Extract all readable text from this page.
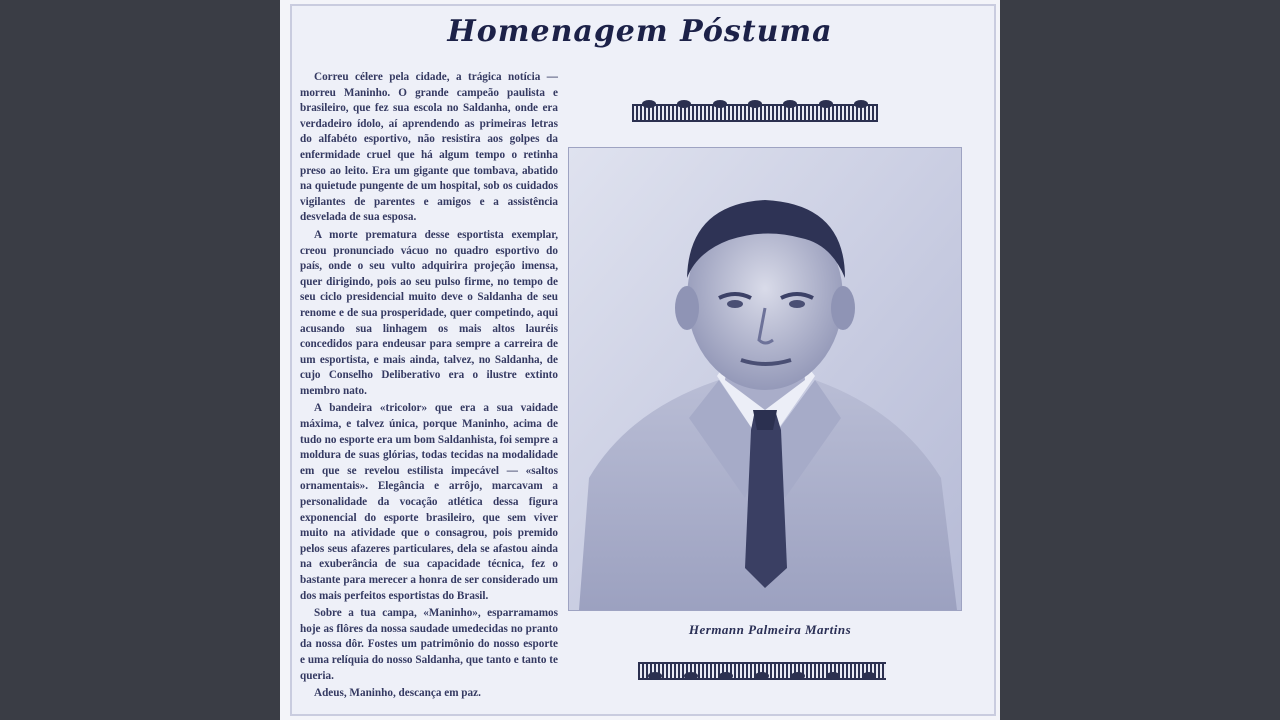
Homenagem Póstuma

Correu célere pela cidade, a trágica notícia — morreu Maninho. O grande campeão paulista e brasileiro, que fez sua escola no Saldanha, onde era verdadeiro ídolo, aí aprendendo as primeiras letras do alfabéto esportivo, não resistira aos golpes da enfermidade cruel que há algum tempo o retinha preso ao leito. Era um gigante que tombava, abatido na quietude pungente de um hospital, sob os cuidados vigilantes de parentes e amigos e a assistência desvelada de sua esposa.

A morte prematura desse esportista exemplar, creou pronunciado vácuo no quadro esportivo do país, onde o seu vulto adquirira projeção imensa, quer dirigindo, pois ao seu pulso firme, no tempo de seu ciclo presidencial muito deve o Saldanha de seu renome e de sua prosperidade, quer competindo, aqui acusando sua linhagem os mais altos lauréis concedidos para endeusar para sempre a carreira de um esportista, e mais ainda, talvez, no Saldanha, de cujo Conselho Deliberativo era o ilustre extinto membro nato.

A bandeira «tricolor» que era a sua vaidade máxima, e talvez única, porque Maninho, acima de tudo no esporte era um bom Saldanhista, foi sempre a moldura de suas glórias, todas tecidas na modalidade em que se revelou estilista impecável — «saltos ornamentais». Elegância e arrôjo, marcavam a personalidade da vocação atlética dessa figura exponencial do esporte brasileiro, que sem viver muito na atividade que o consagrou, pois premido pelos seus afazeres particulares, dela se afastou ainda na exuberância de sua capacidade técnica, fez o bastante para merecer a honra de ser considerado um dos mais perfeitos esportistas do Brasil.

Sobre a tua campa, «Maninho», esparramamos hoje as flôres da nossa saudade umedecidas no pranto da nossa dôr. Fostes um patrimônio do nosso esporte e uma relíquia do nosso Saldanha, que tanto e tanto te queria.

Adeus, Maninho, descança em paz.

Hermann Palmeira Martins
